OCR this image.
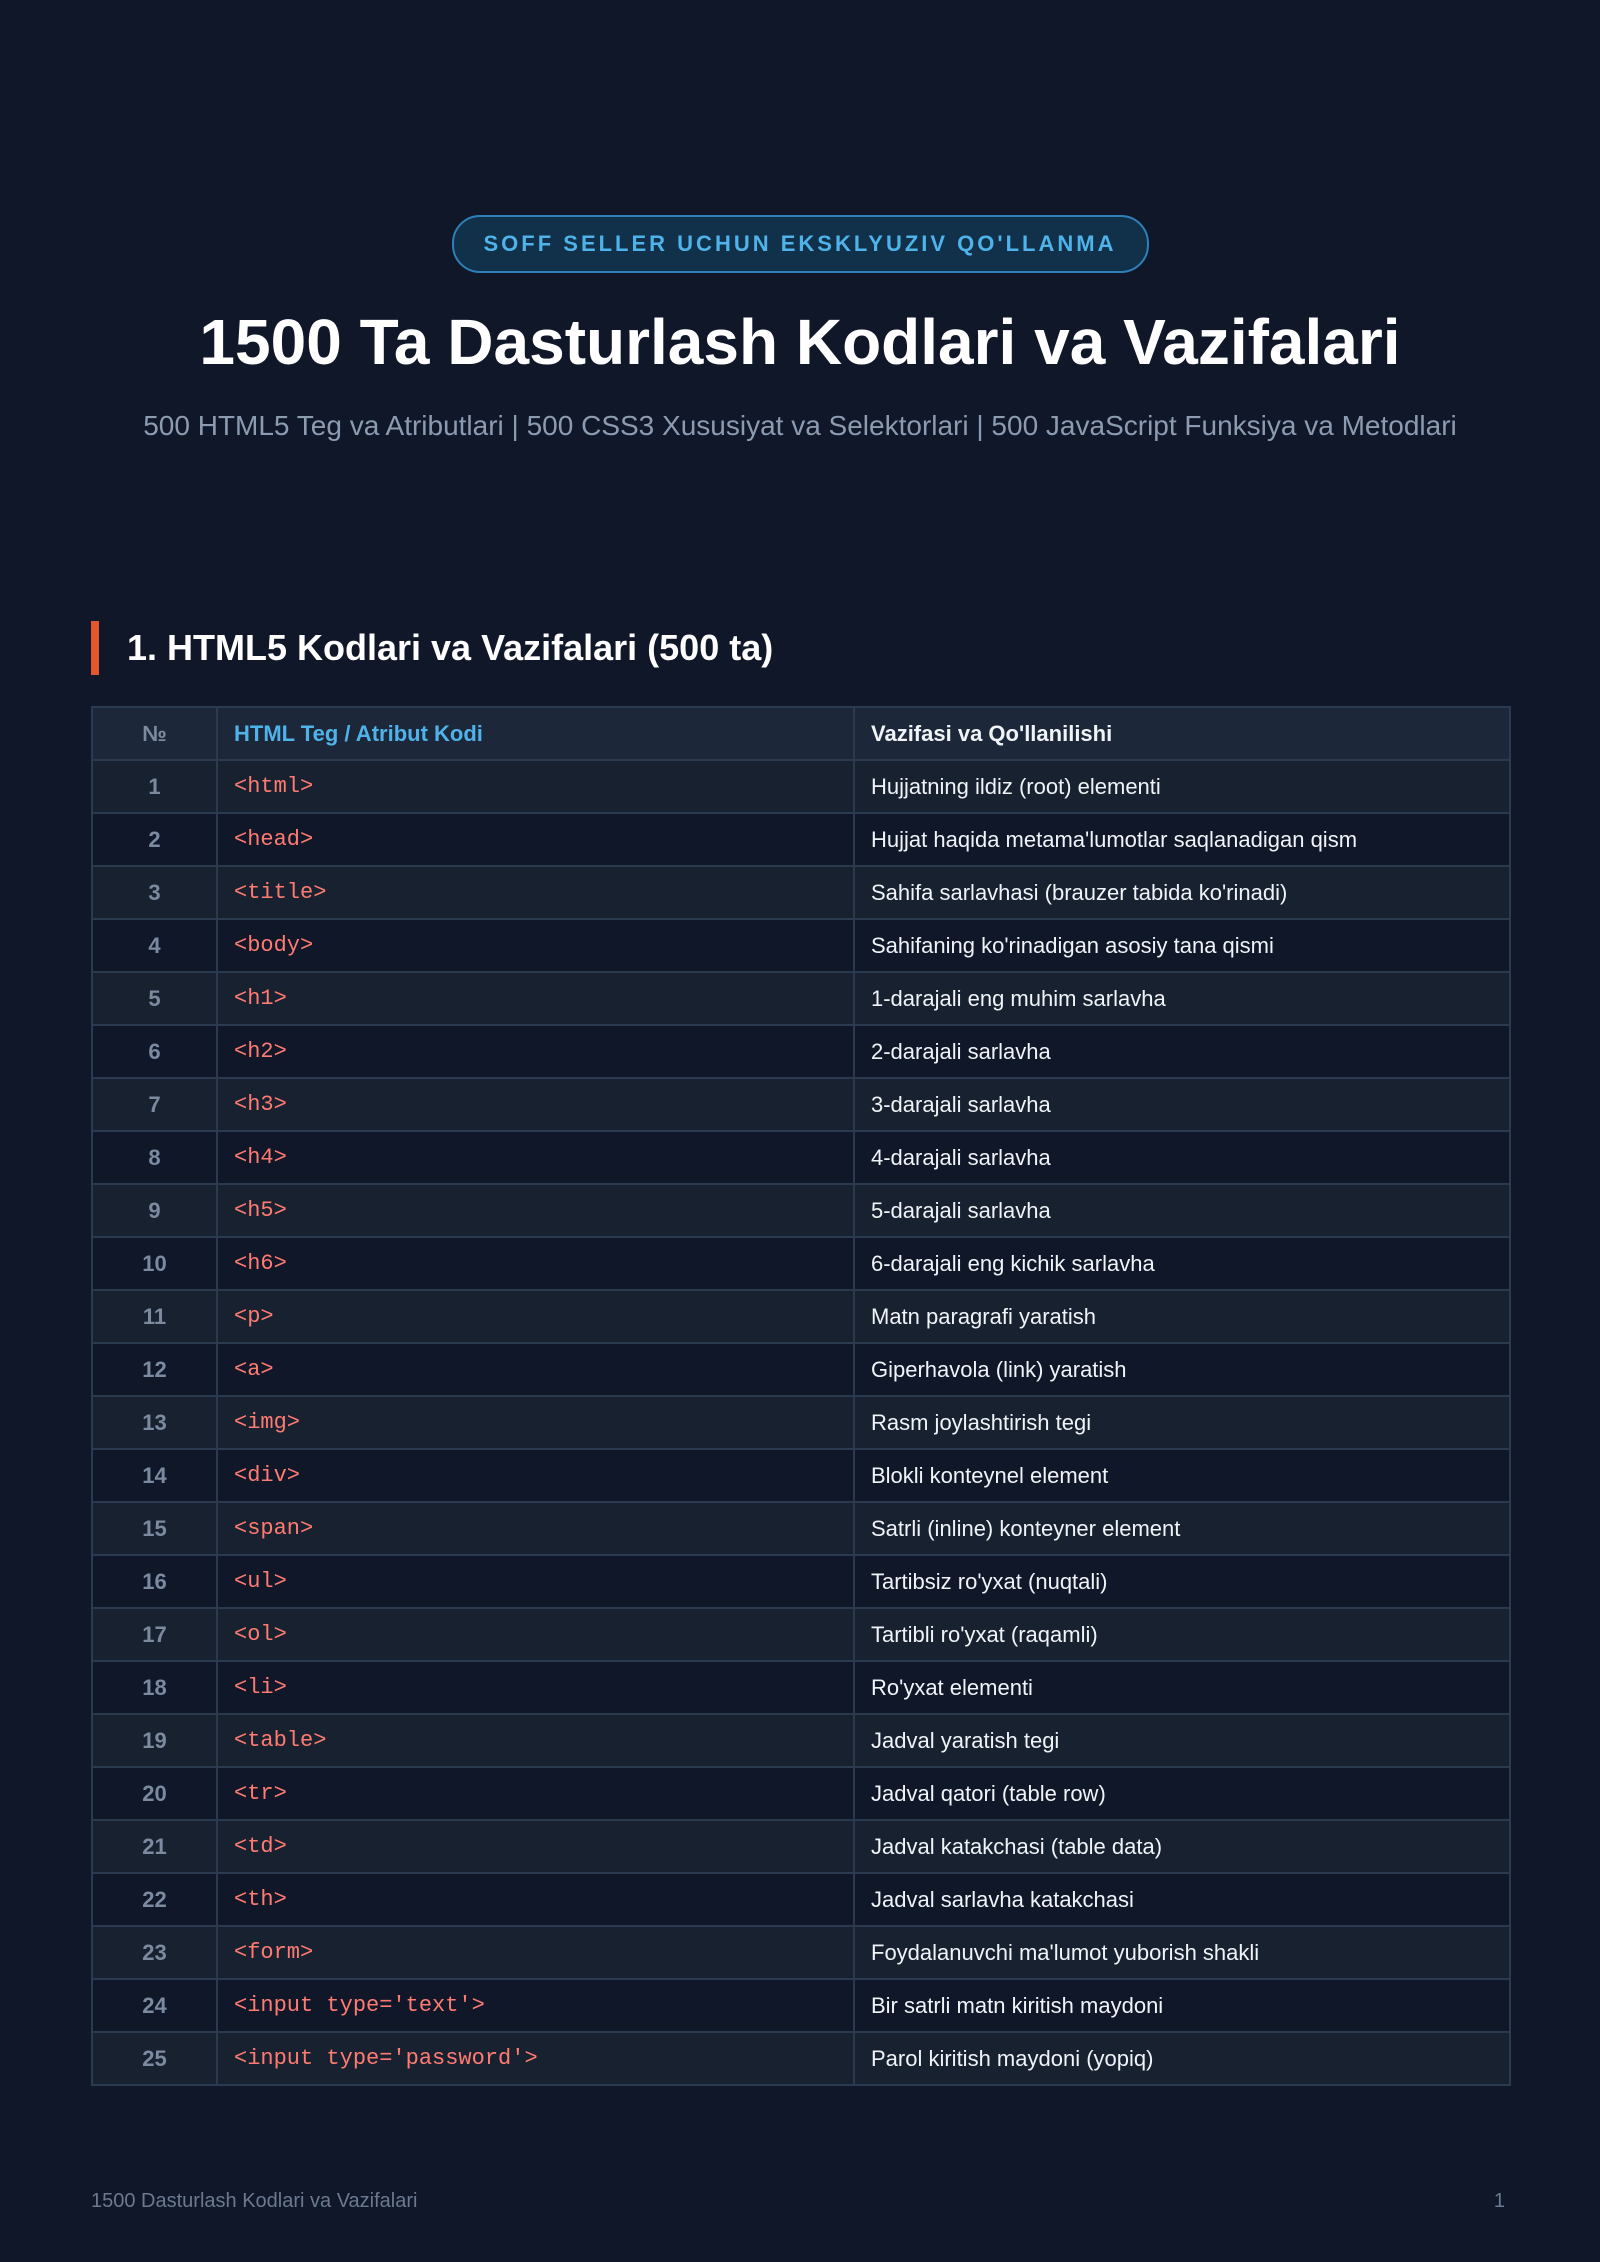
SOFF SELLER UCHUN EKSKLYUZIV QO'LLANMA
1500 Ta Dasturlash Kodlari va Vazifalari

500 HTML5 Teg va Atributlari | 500 CSS3 Xususiyat va Selektorlari | 500 JavaScript Funksiya va Metodlari

1. HTML5 Kodlari va Vazifalari (500 ta)
№	HTML Teg / Atribut Kodi	Vazifasi va Qo'llanilishi
1	<html>	Hujjatning ildiz (root) elementi
2	<head>	Hujjat haqida metama'lumotlar saqlanadigan qism
3	<title>	Sahifa sarlavhasi (brauzer tabida ko'rinadi)
4	<body>	Sahifaning ko'rinadigan asosiy tana qismi
5	<h1>	1-darajali eng muhim sarlavha
6	<h2>	2-darajali sarlavha
7	<h3>	3-darajali sarlavha
8	<h4>	4-darajali sarlavha
9	<h5>	5-darajali sarlavha
10	<h6>	6-darajali eng kichik sarlavha
11	<p>	Matn paragrafi yaratish
12	<a>	Giperhavola (link) yaratish
13	<img>	Rasm joylashtirish tegi
14	<div>	Blokli konteynel element
15	<span>	Satrli (inline) konteyner element
16	<ul>	Tartibsiz ro'yxat (nuqtali)
17	<ol>	Tartibli ro'yxat (raqamli)
18	<li>	Ro'yxat elementi
19	<table>	Jadval yaratish tegi
20	<tr>	Jadval qatori (table row)
21	<td>	Jadval katakchasi (table data)
22	<th>	Jadval sarlavha katakchasi
23	<form>	Foydalanuvchi ma'lumot yuborish shakli
24	<input type='text'>	Bir satrli matn kiritish maydoni
25	<input type='password'>	Parol kiritish maydoni (yopiq)
1500 Dasturlash Kodlari va Vazifalari	1
